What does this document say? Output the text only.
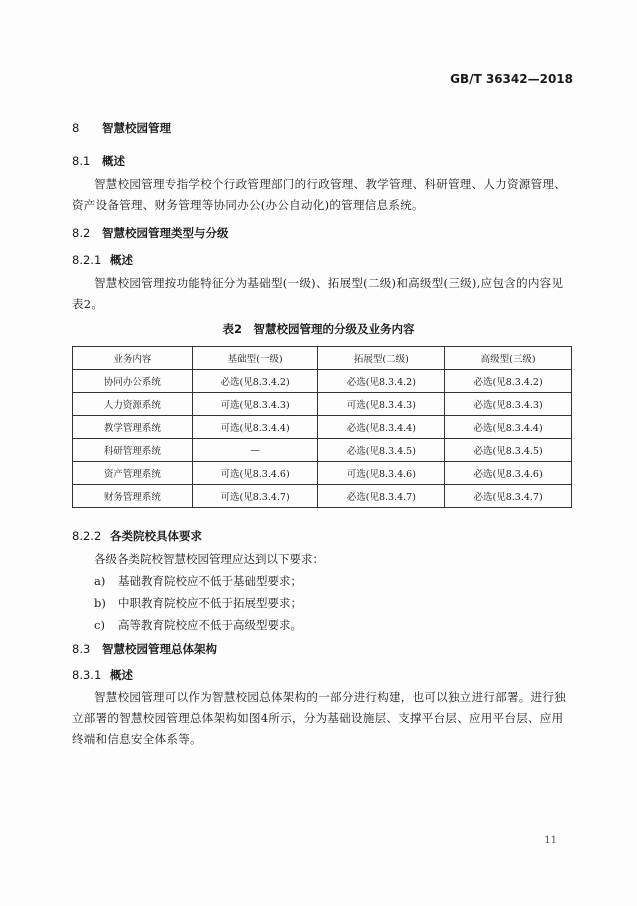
GB/T 36342—2018
8 智慧校园管理
8.1 概述
智慧校园管理专指学校个行政管理部门的行政管理、教学管理、科研管理、人力资源管理、资产设备管理、财务管理等协同办公(办公自动化)的管理信息系统。
8.2 智慧校园管理类型与分级
8.2.1 概述
智慧校园管理按功能特征分为基础型(一级)、拓展型(二级)和高级型(三级),应包含的内容见表2。
表2　智慧校园管理的分级及业务内容
业务内容	基础型(一级)	拓展型(二级)	高级型(三级)
协同办公系统	必选(见8.3.4.2)	必选(见8.3.4.2)	必选(见8.3.4.2)
人力资源系统	可选(见8.3.4.3)	可选(见8.3.4.3)	必选(见8.3.4.3)
教学管理系统	可选(见8.3.4.4)	必选(见8.3.4.4)	必选(见8.3.4.4)
科研管理系统	—	必选(见8.3.4.5)	必选(见8.3.4.5)
资产管理系统	可选(见8.3.4.6)	可选(见8.3.4.6)	必选(见8.3.4.6)
财务管理系统	可选(见8.3.4.7)	必选(见8.3.4.7)	必选(见8.3.4.7)
8.2.2 各类院校具体要求
各级各类院校智慧校园管理应达到以下要求：
a) 基础教育院校应不低于基础型要求；
b) 中职教育院校应不低于拓展型要求；
c) 高等教育院校应不低于高级型要求。
8.3 智慧校园管理总体架构
8.3.1 概述
智慧校园管理可以作为智慧校园总体架构的一部分进行构建，也可以独立进行部署。进行独立部署的智慧校园管理总体架构如图4所示，分为基础设施层、支撑平台层、应用平台层、应用终端和信息安全体系等。
11
